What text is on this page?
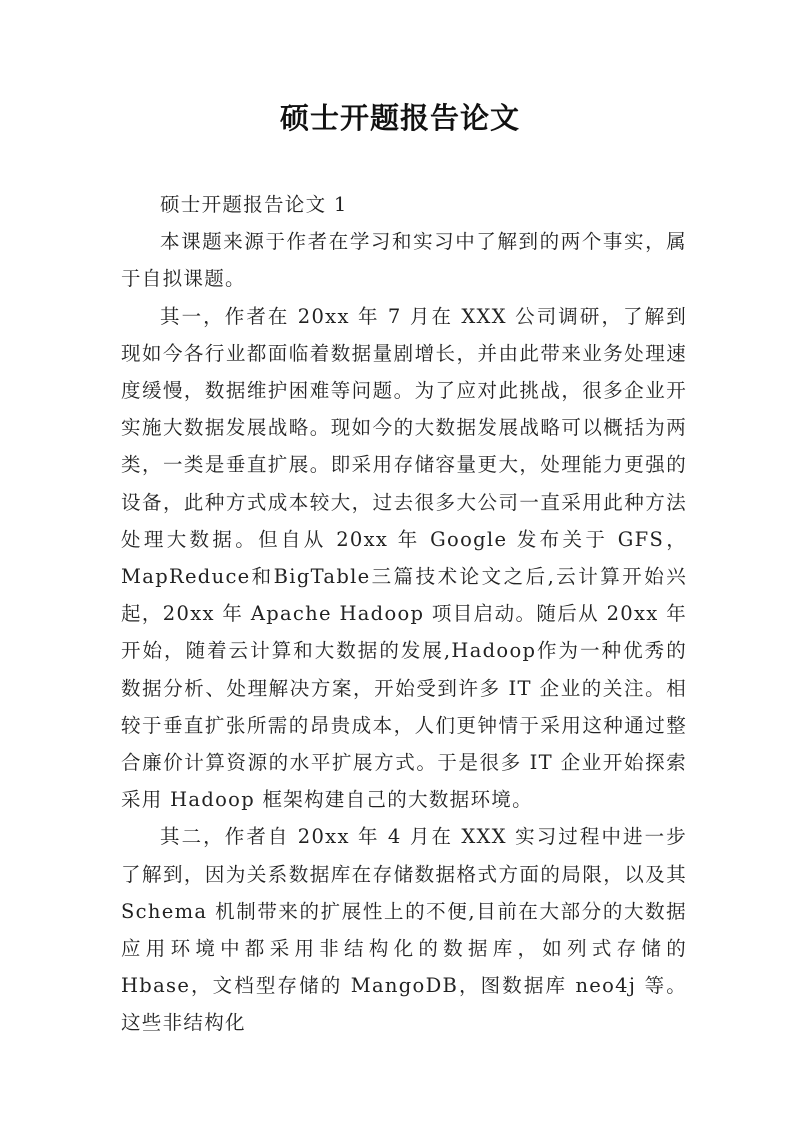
硕士开题报告论文

硕士开题报告论文 1

本课题来源于作者在学习和实习中了解到的两个事实，属于自拟课题。

其一，作者在 20xx 年 7 月在 XXX 公司调研，了解到现如今各行业都面临着数据量剧增长，并由此带来业务处理速度缓慢，数据维护困难等问题。为了应对此挑战，很多企业开实施大数据发展战略。现如今的大数据发展战略可以概括为两类，一类是垂直扩展。即采用存储容量更大，处理能力更强的设备，此种方式成本较大，过去很多大公司一直采用此种方法处理大数据。但自从 20xx 年 Google 发布关于 GFS，MapReduce和BigTable三篇技术论文之后,云计算开始兴起，20xx 年 Apache Hadoop 项目启动。随后从 20xx 年开始，随着云计算和大数据的发展,Hadoop作为一种优秀的数据分析、处理解决方案，开始受到许多 IT 企业的关注。相较于垂直扩张所需的昂贵成本，人们更钟情于采用这种通过整合廉价计算资源的水平扩展方式。于是很多 IT 企业开始探索采用 Hadoop 框架构建自己的大数据环境。

其二，作者自 20xx 年 4 月在 XXX 实习过程中进一步了解到，因为关系数据库在存储数据格式方面的局限，以及其 Schema 机制带来的扩展性上的不便,目前在大部分的大数据应用环境中都采用非结构化的数据库，如列式存储的 Hbase，文档型存储的 MangoDB，图数据库 neo4j 等。这些非结构化
